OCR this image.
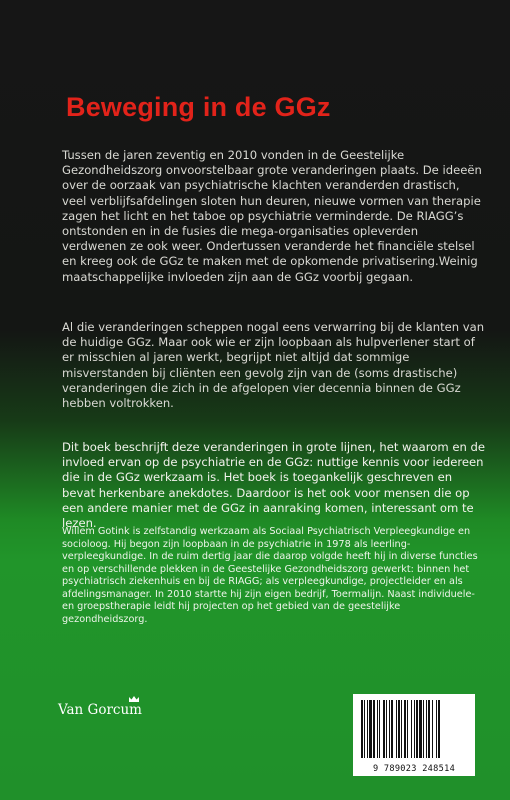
Beweging in de GGz

Tussen de jaren zeventig en 2010 vonden in de Geestelijke Gezondheidszorg onvoorstelbaar grote veranderingen plaats. De ideeën over de oorzaak van psychiatrische klachten veranderden drastisch, veel verblijfsafdelingen sloten hun deuren, nieuwe vormen van therapie zagen het licht en het taboe op psychiatrie verminderde. De RIAGG’s ontstonden en in de fusies die mega-organisaties opleverden verdwenen ze ook weer. Ondertussen veranderde het financiële stelsel en kreeg ook de GGz te maken met de opkomende privatisering.Weinig maatschappelijke invloeden zijn aan de GGz voorbij gegaan.

Al die veranderingen scheppen nogal eens verwarring bij de klanten van de huidige GGz. Maar ook wie er zijn loopbaan als hulpverlener start of er misschien al jaren werkt, begrijpt niet altijd dat sommige misverstanden bij cliënten een gevolg zijn van de (soms drastische) veranderingen die zich in de afgelopen vier decennia binnen de GGz hebben voltrokken.

Dit boek beschrijft deze veranderingen in grote lijnen, het waarom en de invloed ervan op de psychiatrie en de GGz: nuttige kennis voor iedereen die in de GGz werkzaam is. Het boek is toegankelijk geschreven en bevat herkenbare anekdotes. Daardoor is het ook voor mensen die op een andere manier met de GGz in aanraking komen, interessant om te lezen.

Willem Gotink is zelfstandig werkzaam als Sociaal Psychiatrisch Verpleegkundige en socioloog. Hij begon zijn loopbaan in de psychiatrie in 1978 als leerling-verpleegkundige. In de ruim dertig jaar die daarop volgde heeft hij in diverse functies en op verschillende plekken in de Geestelijke Gezondheidszorg gewerkt: binnen het psychiatrisch ziekenhuis en bij de RIAGG; als verpleegkundige, projectleider en als afdelingsmanager. In 2010 startte hij zijn eigen bedrijf, Toermalijn. Naast individuele- en groepstherapie leidt hij projecten op het gebied van de geestelijke gezondheidszorg.

Van Gorcum
9 789023 248514
